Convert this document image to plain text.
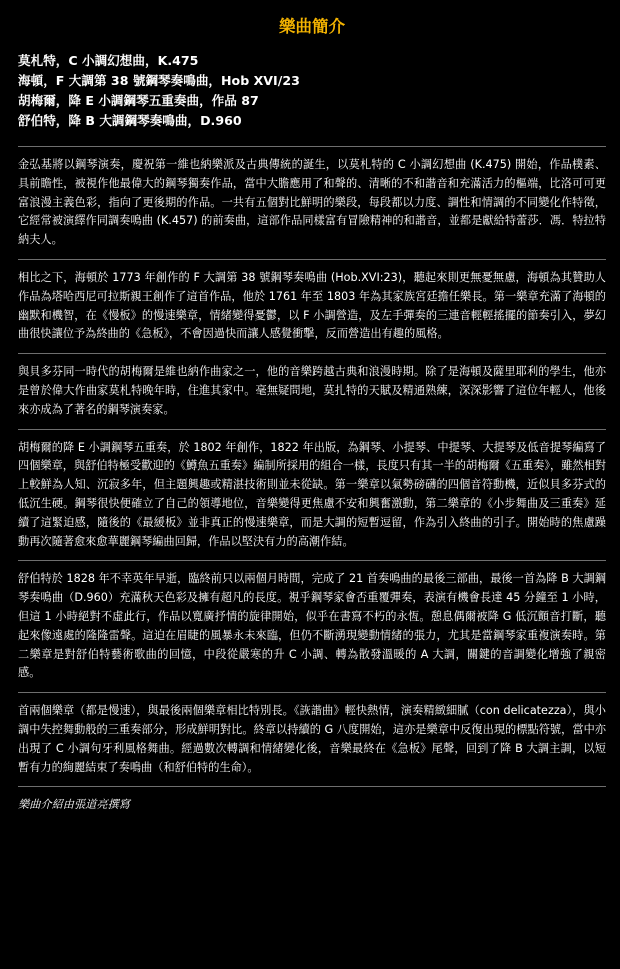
樂曲簡介
莫札特，C 小調幻想曲，K.475
海頓，F 大調第 38 號鋼琴奏鳴曲，Hob XVI/23
胡梅爾，降 E 小調鋼琴五重奏曲，作品 87
舒伯特，降 B 大調鋼琴奏鳴曲，D.960
金弘基將以鋼琴演奏，慶祝第一維也納樂派及古典傳統的誕生，以莫札特的 C 小調幻想曲 (K.475) 開始，作品樸素、具前瞻性，被視作他最偉大的鋼琴獨奏作品，當中大膽應用了和聲的、清晰的不和諧音和充滿活力的樞端，比洛可可更富浪漫主義色彩，指向了更後期的作品。一共有五個對比鮮明的樂段，每段都以力度、調性和情調的不同變化作特徵，它經常被演繹作同調奏鳴曲 (K.457) 的前奏曲，這部作品同樣富有冒險精神的和諧音，並都是獻給特蕾莎．馮．特拉特納夫人。
相比之下，海頓於 1773 年創作的 F 大調第 38 號鋼琴奏鳴曲 (Hob.XVI:23)，聽起來則更無憂無慮，海頓為其贊助人作品為塔哈西尼可拉斯親王創作了這首作品，他於 1761 年至 1803 年為其家族宮廷擔任樂長。第一樂章充滿了海頓的幽默和機智，在《慢板》的慢速樂章，情緒變得憂鬱，以 F 小調營造，及左手彈奏的三連音輕輕搖擺的節奏引入，夢幻曲很快讓位予為終曲的《急板》，不會因過快而讓人感覺衝擊，反而營造出有趣的風格。
與貝多芬同一時代的胡梅爾是維也納作曲家之一，他的音樂跨越古典和浪漫時期。除了是海頓及薩里耶利的學生，他亦是曾於偉大作曲家莫札特晚年時，住進其家中。毫無疑問地，莫扎特的天賦及精通熟練，深深影響了這位年輕人，他後來亦成為了著名的鋼琴演奏家。
胡梅爾的降 E 小調鋼琴五重奏，於 1802 年創作，1822 年出版，為鋼琴、小提琴、中提琴、大提琴及低音提琴編寫了四個樂章，與舒伯特極受歡迎的《鱒魚五重奏》編制所採用的組合一樣，長度只有其一半的胡梅爾《五重奏》，雖然相對上較鮮為人知、沉寂多年，但主題興趣或精湛技術則並未從缺。第一樂章以氣勢磅礴的四個音符動機，近似貝多芬式的低沉生硬。鋼琴很快便確立了自己的領導地位，音樂變得更焦慮不安和興奮激動，第二樂章的《小步舞曲及三重奏》延續了這緊迫感，隨後的《最緩板》並非真正的慢速樂章，而是大調的短暫逗留，作為引入終曲的引子。開始時的焦慮躁動再次隨著愈來愈華麗鋼琴編曲回歸，作品以堅決有力的高潮作結。
舒伯特於 1828 年不幸英年早逝，臨終前只以兩個月時間，完成了 21 首奏鳴曲的最後三部曲，最後一首為降 B 大調鋼琴奏鳴曲（D.960）充滿秋天色彩及擁有超凡的長度。視乎鋼琴家會否重覆彈奏，表演有機會長達 45 分鐘至 1 小時，但這 1 小時絕對不虛此行，作品以寬廣抒情的旋律開始，似乎在書寫不朽的永恆。憩息偶爾被降 G 低沉顫音打斷，聽起來像遠處的隆隆雷聲。這迫在眉睫的風暴永未來臨，但仍不斷湧現變動情緒的張力，尤其是當鋼琴家重複演奏時。第二樂章是對舒伯特藝術歌曲的回憶，中段從嚴寒的升 C 小調、轉為散發溫暖的 A 大調，關鍵的音調變化增強了親密感。
首兩個樂章（都是慢速），與最後兩個樂章相比特別長。《詼諧曲》輕快熱情，演奏精緻細膩（con delicatezza），與小調中失控舞動般的三重奏部分，形成鮮明對比。終章以持續的 G 八度開始，這亦是樂章中反復出現的標點符號，當中亦出現了 C 小調句牙利風格舞曲。經過數次轉調和情緒變化後，音樂最終在《急板》尾聲，回到了降 B 大調主調，以短暫有力的絢麗結束了奏鳴曲（和舒伯特的生命）。
樂曲介紹由張道亮撰寫
